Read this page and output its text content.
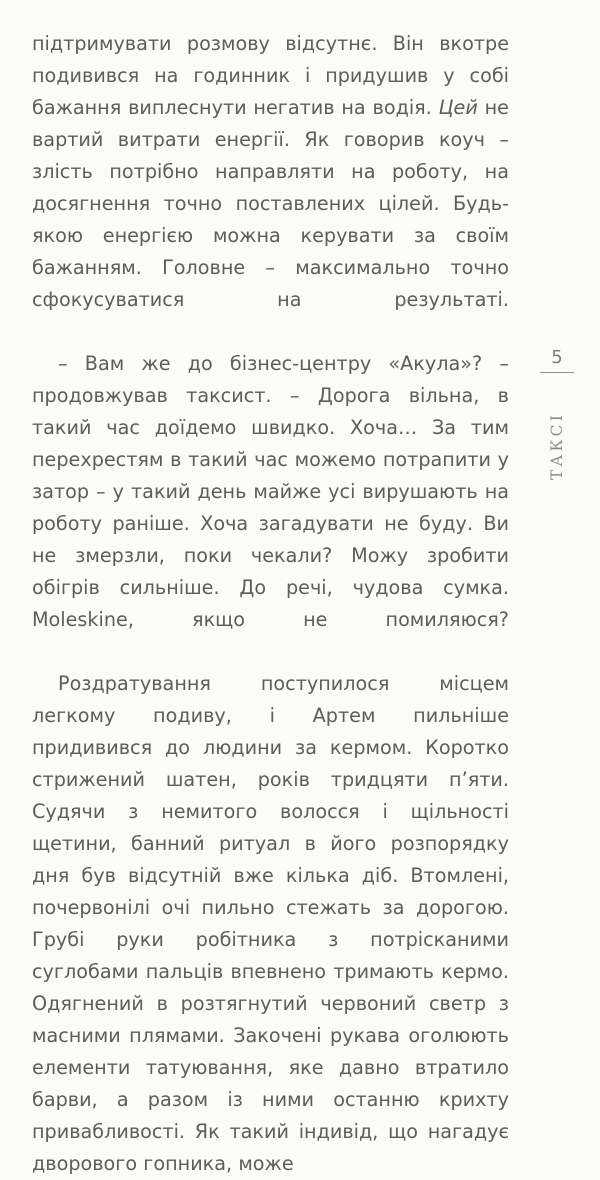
підтримувати розмову відсутнє. Він вкотре подивився на годинник і придушив у собі бажання виплеснути негатив на водія. Цей не вартий витрати енергії. Як говорив коуч – злість потрібно направляти на роботу, на досягнення точно поставлених цілей. Будь-якою енергією можна керувати за своїм бажанням. Головне – максимально точно сфокусуватися на результаті.

– Вам же до бізнес-центру «Акула»? – продовжував таксист. – Дорога вільна, в такий час доїдемо швидко. Хоча… За тим перехрестям в такий час можемо потрапити у затор – у такий день майже усі вирушають на роботу раніше. Хоча загадувати не буду. Ви не змерзли, поки чекали? Можу зробити обігрів сильніше. До речі, чудова сумка. Moleskine, якщо не помиляюся?

Роздратування поступилося місцем легкому подиву, і Артем пильніше придивився до людини за кермом. Коротко стрижений шатен, років тридцяти п’яти. Судячи з немитого волосся і щільності щетини, банний ритуал в його розпорядку дня був відсутній вже кілька діб. Втомлені, почервонілі очі пильно стежать за дорогою. Грубі руки робітника з потрісканими суглобами пальців впевнено тримають кермо. Одягнений в розтягнутий червоний светр з масними плямами. Закочені рукава оголюють елементи татуювання, яке давно втратило барви, а разом із ними останню крихту привабливості. Як такий індивід, що нагадує дворового гопника, може

5
ТАКСІ
